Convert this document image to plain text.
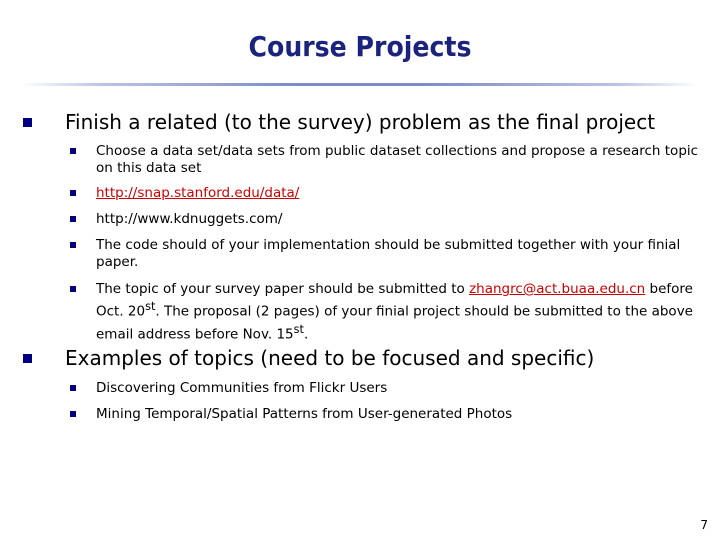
Course Projects
Finish a related (to the survey) problem as the final project
Choose a data set/data sets from public dataset collections and propose a research topic on this data set
http://snap.stanford.edu/data/
http://www.kdnuggets.com/
The code should of your implementation should be submitted together with your finial paper.
The topic of your survey paper should be submitted to zhangrc@act.buaa.edu.cn before Oct. 20st. The proposal (2 pages) of your finial project should be submitted to the above email address before Nov. 15st.
Examples of topics (need to be focused and specific)
Discovering Communities from Flickr Users
Mining Temporal/Spatial Patterns from User-generated Photos
7
